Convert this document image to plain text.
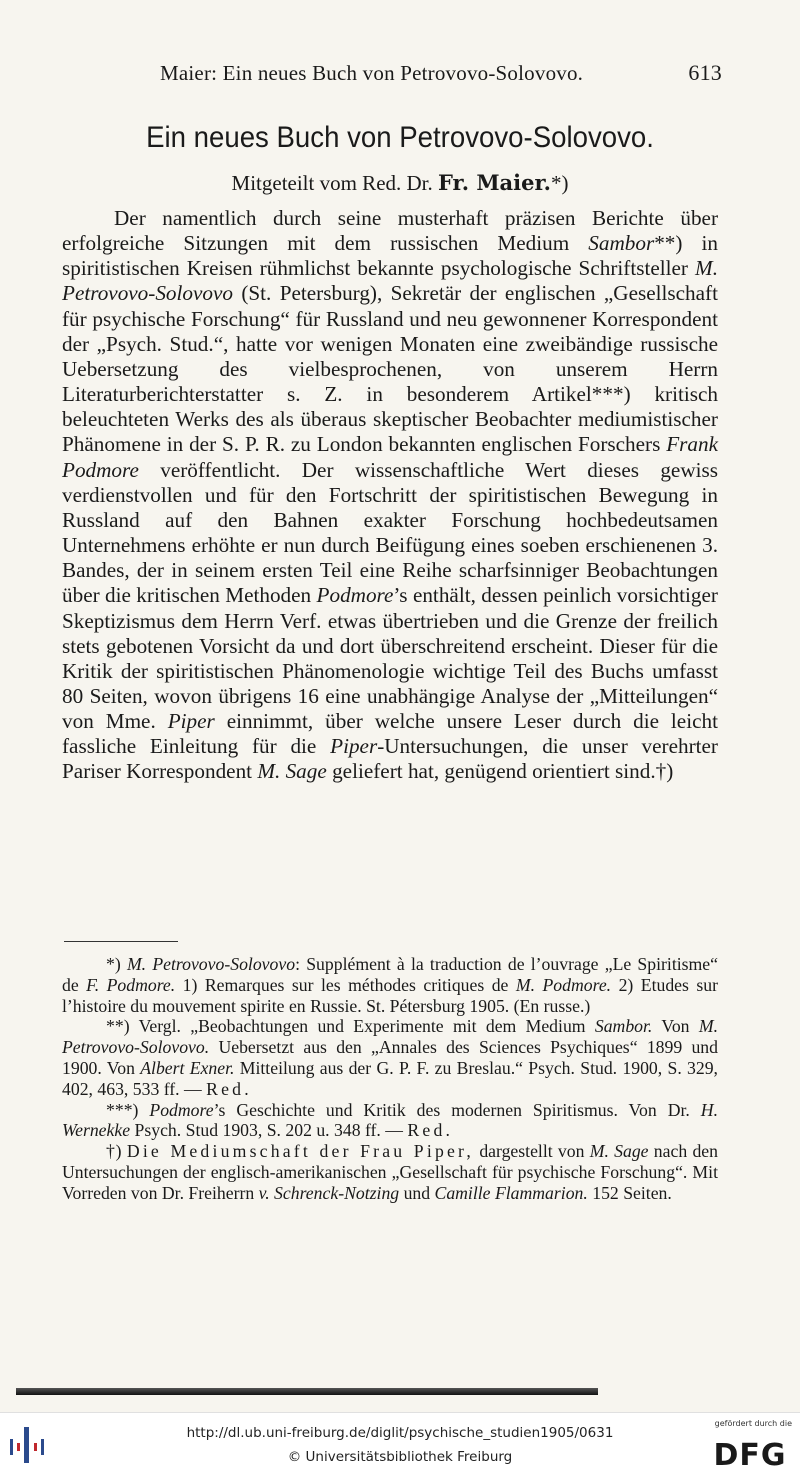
Maier: Ein neues Buch von Petrovovo-Solovovo.	613
Ein neues Buch von Petrovovo-Solovovo.
Mitgeteilt vom Red. Dr. Fr. Maier.*)

Der namentlich durch seine musterhaft präzisen Berichte über erfolgreiche Sitzungen mit dem russischen Medium Sambor**) in spiritistischen Kreisen rühmlichst bekannte psychologische Schriftsteller M. Petrovovo-Solovovo (St. Petersburg), Sekretär der englischen „Gesellschaft für psychische Forschung“ für Russland und neu gewonnener Korrespondent der „Psych. Stud.“, hatte vor wenigen Monaten eine zweibändige russische Uebersetzung des vielbesprochenen, von unserem Herrn Literaturberichterstatter s. Z. in besonderem Artikel***) kritisch beleuchteten Werks des als überaus skeptischer Beobachter mediumistischer Phänomene in der S. P. R. zu London bekannten englischen Forschers Frank Podmore veröffentlicht. Der wissenschaftliche Wert dieses gewiss verdienstvollen und für den Fortschritt der spiritistischen Bewegung in Russland auf den Bahnen exakter Forschung hochbedeutsamen Unternehmens erhöhte er nun durch Beifügung eines soeben erschienenen 3. Bandes, der in seinem ersten Teil eine Reihe scharfsinniger Beobachtungen über die kritischen Methoden Podmore’s enthält, dessen peinlich vorsichtiger Skeptizismus dem Herrn Verf. etwas übertrieben und die Grenze der freilich stets gebotenen Vorsicht da und dort überschreitend erscheint. Dieser für die Kritik der spiritistischen Phänomenologie wichtige Teil des Buchs umfasst 80 Seiten, wovon übrigens 16 eine unabhängige Analyse der „Mitteilungen“ von Mme. Piper einnimmt, über welche unsere Leser durch die leicht fassliche Einleitung für die Piper-Untersuchungen, die unser verehrter Pariser Korrespondent M. Sage geliefert hat, genügend orientiert sind.†)

*) M. Petrovovo-Solovovo: Supplément à la traduction de l’ouvrage „Le Spiritisme“ de F. Podmore. 1) Remarques sur les méthodes critiques de M. Podmore. 2) Etudes sur l’histoire du mouvement spirite en Russie. St. Pétersburg 1905. (En russe.)

**) Vergl. „Beobachtungen und Experimente mit dem Medium Sambor. Von M. Petrovovo-Solovovo. Uebersetzt aus den „Annales des Sciences Psychiques“ 1899 und 1900. Von Albert Exner. Mitteilung aus der G. P. F. zu Breslau.“ Psych. Stud. 1900, S. 329, 402, 463, 533 ff. — Red.

***) Podmore’s Geschichte und Kritik des modernen Spiritismus. Von Dr. H. Wernekke Psych. Stud 1903, S. 202 u. 348 ff. — Red.

†) Die Mediumschaft der Frau Piper, dargestellt von M. Sage nach den Untersuchungen der englisch-amerikanischen „Gesellschaft für psychische Forschung“. Mit Vorreden von Dr. Freiherrn v. Schrenck-Notzing und Camille Flammarion. 152 Seiten.

http://dl.ub.uni-freiburg.de/diglit/psychische_studien1905/0631
© Universitätsbibliothek Freiburg
gefördert durch die
DFG
